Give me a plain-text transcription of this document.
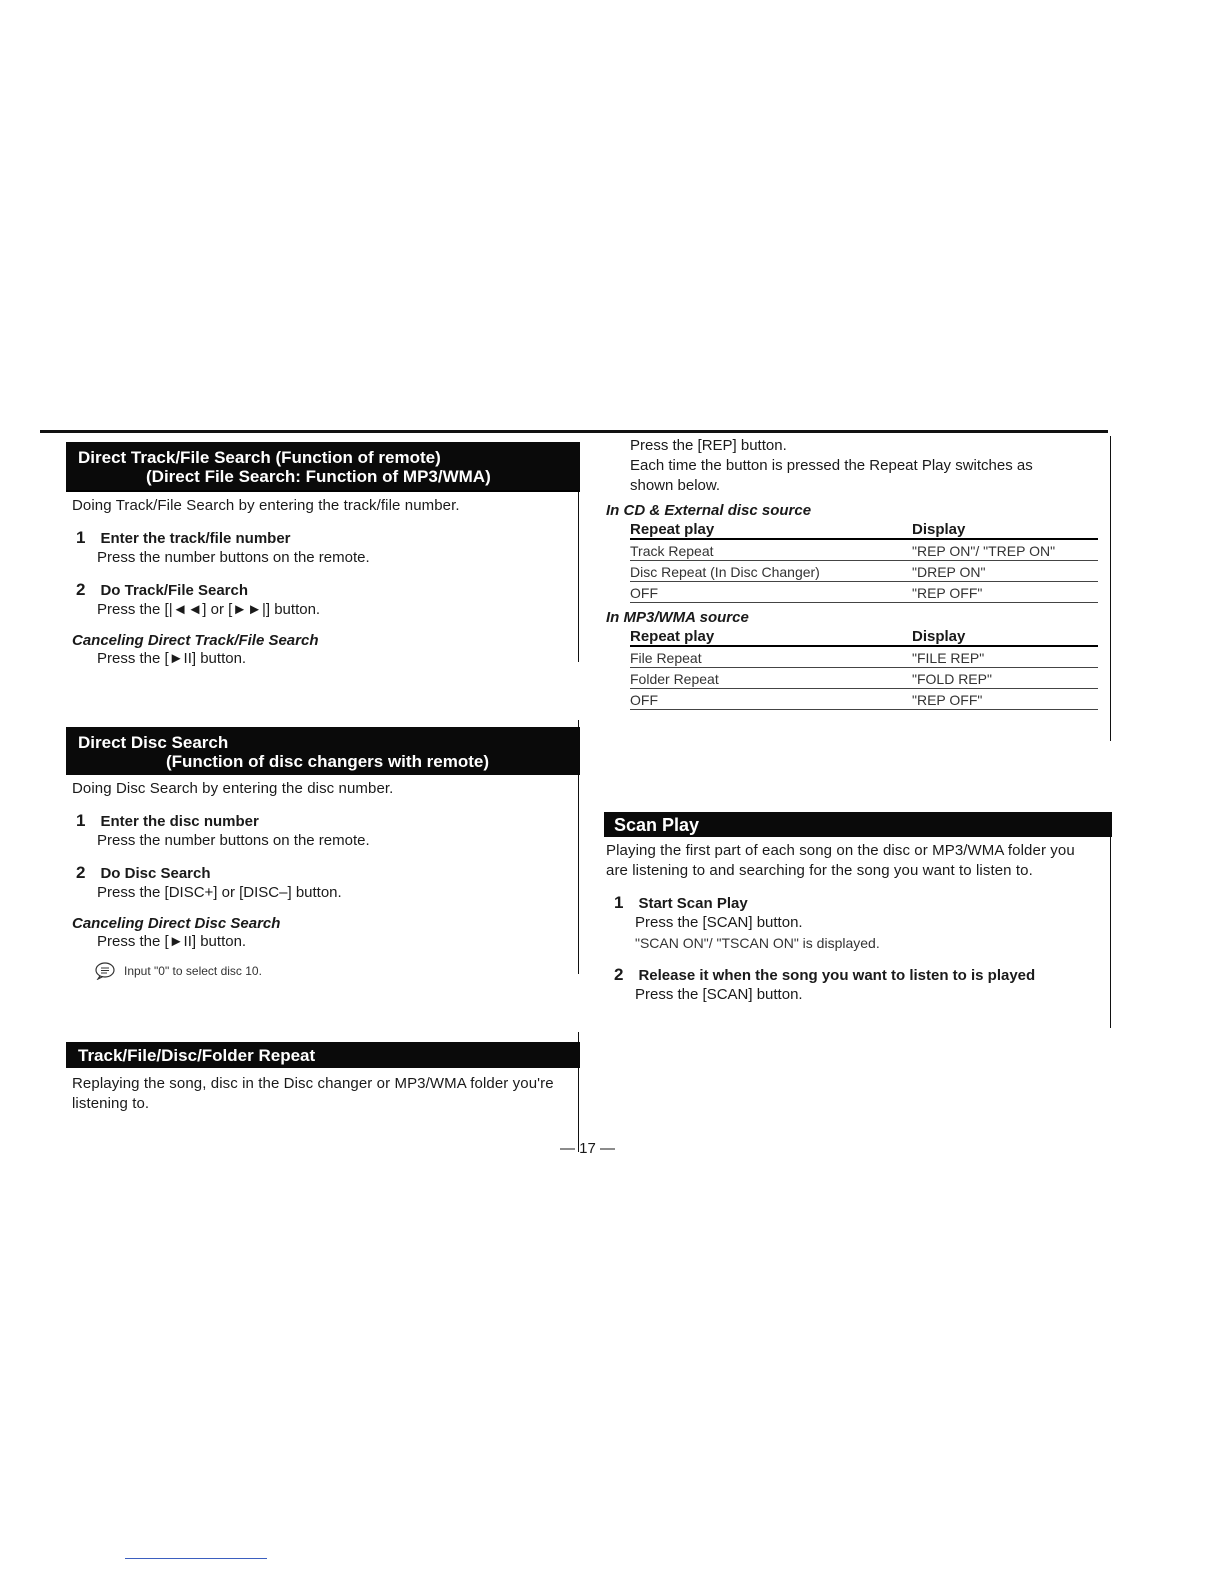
Direct Track/File Search (Function of remote)
(Direct File Search: Function of MP3/WMA)
Doing Track/File Search by entering the track/file number.
1 Enter the track/file number
Press the number buttons on the remote.
2 Do Track/File Search
Press the [|◄◄] or [►►|] button.
Canceling Direct Track/File Search
Press the [►II] button.
Direct Disc Search
(Function of disc changers with remote)
Doing Disc Search by entering the disc number.
1 Enter the disc number
Press the number buttons on the remote.
2 Do Disc Search
Press the [DISC+] or [DISC–] button.
Canceling Direct Disc Search
Press the [►II] button.
Input "0" to select disc 10.
Track/File/Disc/Folder Repeat
Replaying the song, disc in the Disc changer or MP3/WMA folder you're listening to.
Press the [REP] button.
Each time the button is pressed the Repeat Play switches as shown below.
In CD & External disc source
Repeat play	Display
Track Repeat	"REP ON"/ "TREP ON"
Disc Repeat (In Disc Changer)	"DREP ON"
OFF	"REP OFF"
In MP3/WMA source
Repeat play	Display
File Repeat	"FILE REP"
Folder Repeat	"FOLD REP"
OFF	"REP OFF"
Scan Play
Playing the first part of each song on the disc or MP3/WMA folder you are listening to and searching for the song you want to listen to.
1 Start Scan Play
Press the [SCAN] button.
"SCAN ON"/ "TSCAN ON" is displayed.
2 Release it when the song you want to listen to is played
Press the [SCAN] button.
— 17 —
